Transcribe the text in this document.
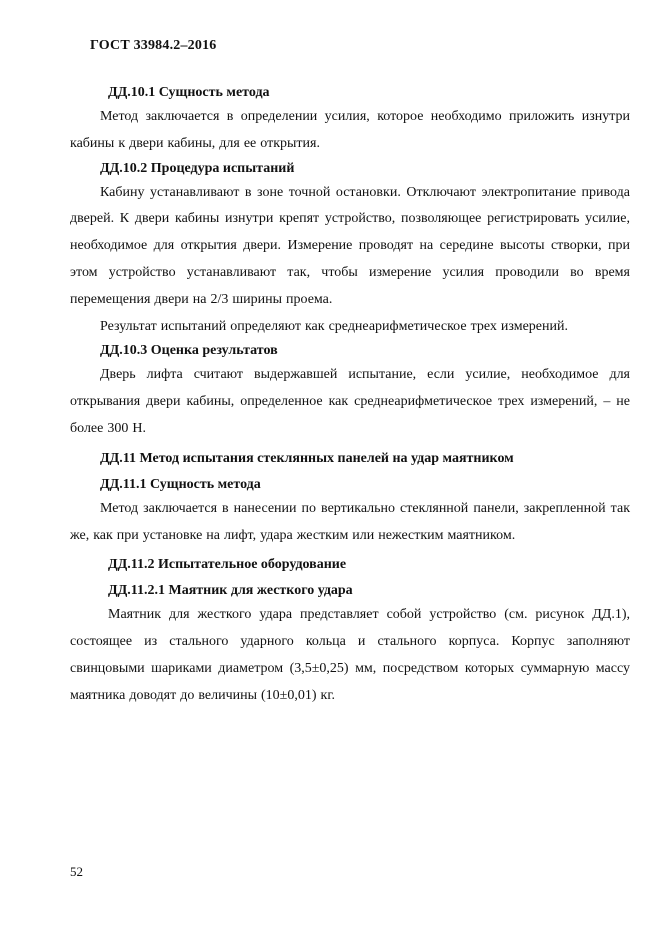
ГОСТ 33984.2–2016
ДД.10.1 Сущность метода

Метод заключается в определении усилия, которое необходимо приложить изнутри кабины к двери кабины, для ее открытия.

ДД.10.2 Процедура испытаний

Кабину устанавливают в зоне точной остановки. Отключают электропитание привода дверей. К двери кабины изнутри крепят устройство, позволяющее регистрировать усилие, необходимое для открытия двери. Измерение проводят на середине высоты створки, при этом устройство устанавливают так, чтобы измерение усилия проводили во время перемещения двери на 2/3 ширины проема.

Результат испытаний определяют как среднеарифметическое трех измерений.

ДД.10.3 Оценка результатов

Дверь лифта считают выдержавшей испытание, если усилие, необходимое для открывания двери кабины, определенное как среднеарифметическое трех измерений, – не более 300 Н.

ДД.11 Метод испытания стеклянных панелей на удар маятником
ДД.11.1 Сущность метода

Метод заключается в нанесении по вертикально стеклянной панели, закрепленной так же, как при установке на лифт, удара жестким или нежестким маятником.

ДД.11.2 Испытательное оборудование
ДД.11.2.1 Маятник для жесткого удара

Маятник для жесткого удара представляет собой устройство (см. рисунок ДД.1), состоящее из стального ударного кольца и стального корпуса. Корпус заполняют свинцовыми шариками диаметром (3,5±0,25) мм, посредством которых суммарную массу маятника доводят до величины (10±0,01) кг.

52
